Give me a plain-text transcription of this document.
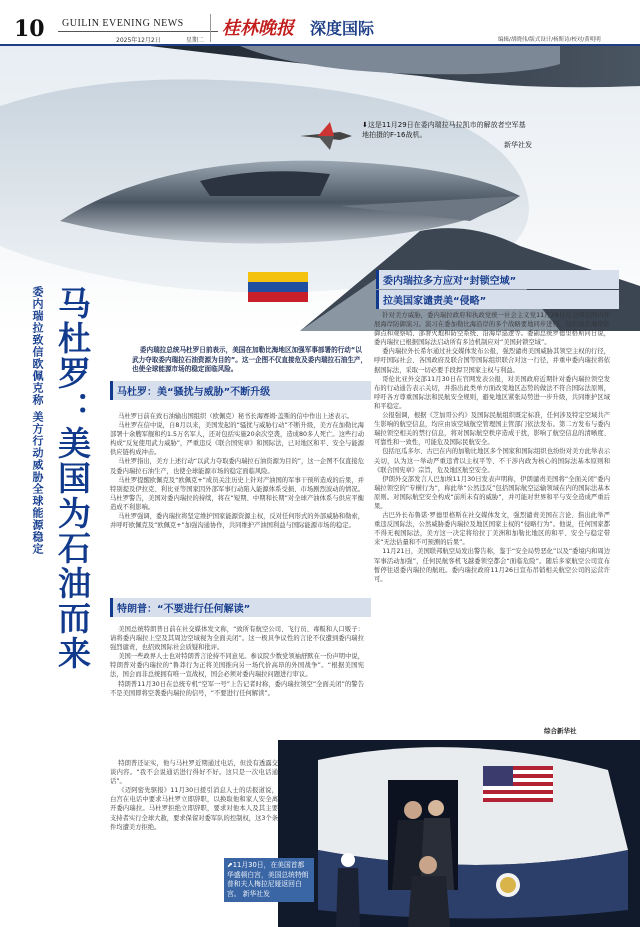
10 GUILIN EVENING NEWS
2025年12月2日	星期二
桂林晚报 深度国际
编辑/胡晓伟/版式设计/杨斯诗/校对/黄明明
⬇这是11月29日在委内瑞拉马拉凯市的解放者空军基地拍摄的F-16战机。
新华社发
马杜罗：美国为石油而来
委内瑞拉致信欧佩克称 美方行动威胁全球能源稳定	委内瑞拉总统马杜罗日前表示，美国在加勒比海地区加强军事部署的行动“以武力夺取委内瑞拉石油资源为目的”。这一企图不仅直接危及委内瑞拉石油生产，也使全球能源市场的稳定面临风险。
马杜罗：美“骚扰与威胁”不断升级

马杜罗日前在致石油输出国组织（欧佩克）秘书长海赛姆·盖斯的信中作出上述表示。

马杜罗在信中说，自8月以来，美国发起的“骚扰与威胁行动”不断升级，美方在加勒比海部署十余艘军舰和约1.5万名军人，还对包括实施20余次空袭，造成80多人死亡。这些行动构成“反复使用武力威胁”，严重违反《联合国宪章》和国际法，已对地区和平、安全与能源供应链构成冲击。

马杜罗指出，美方上述行动“以武力夺取委内瑞拉石油资源为目的”，这一企图不仅直接危及委内瑞拉石油生产，也使全球能源市场的稳定面临风险。

马杜罗提醒欧佩克及“欧佩克+”成员关注历史上针对产油国的军事干预所造成的后果，并特别提及伊拉克、利比亚等国家因外部军事行动陷入能源体系受损、市场剧烈波动的情况。马杜罗警告，美国对委内瑞拉的持续，将在“短期、中期和长期”对全球产油体系与供应平衡造成不利影响。

马杜罗强调，委内瑞拉将坚定维护国家能源资源主权，反对任何形式的外部威胁和勒索，并呼吁欧佩克及“欧佩克+”加强沟通协作，共同维护产油国利益与国际能源市场的稳定。

特朗普：“不要进行任何解读”

美国总统特朗普日前在社交媒体发文称，“致所有航空公司、飞行员、毒贩和人口贩子：请将委内瑞拉上空及其周边空域视为全面关闭”。这一极具争议性的言论不仅遭到委内瑞拉强烈谴责，也招致国际社会质疑和批评。

美国一些政界人士也对特朗普言论持不同意见。参议院少数党领袖舒默在一份声明中说，特朗普对委内瑞拉的“鲁莽行为正将美国推向另一场代价高昂的外国战争”。“根据美国宪法，国会而非总统拥有唯一宣战权，国会必须对委内瑞拉问题进行审议。

特朗普11月30日在总统专机“空军一号”上告记者时称，委内瑞拉领空“全面关闭”的警告不是美国即将空袭委内瑞拉的信号，“不要进行任何解读”。

特朗普还证实，他与马杜罗近期通过电话，但没有透露交谈内容。“我不会说通话进行得好不好。这只是一次电话通话”。

《迈阿密先驱报》11月30日援引消息人士的话报道说，白宫在电话中要求马杜罗立即辞职，以换取他和家人安全离开委内瑞拉。马杜罗拒绝立即辞职，要求对他本人及其主要支持者实行全球大赦，要求保留对委军队的控制权，这3个条件均遭美方拒绝。

委内瑞拉多方应对“封锁空域”
拉美国家谴责美“侵略”

针对美方威胁，委内瑞拉政府和执政党统一社会主义党11月29日在全国范围内开展海岸防御演习。演习在委加勒比海沿岸的多个战略要地同步进行，包括设立海岸防御点和观察哨、部署火炮和防空系统、沿海岸巡逻等。委副总统罗德里格斯同日说，委内瑞拉已根据国际法启动所有多边机制应对“美国封锁空域”。

委内瑞拉外长希尔通过社交媒体发布公报，强烈谴责美国威胁其领空主权的行径，呼吁国际社会、各国政府及联合国等国际组织联合对这一行径，并重申委内瑞拉将依据国际法，采取一切必要手段捍卫国家主权与利益。

哥伦比亚外交部11月30日在官网发表公报，对美国政府近期针对委内瑞拉领空发布的行动通告表示关切，并指出此类单方面改变地区态势的做法不符合国际法原则，呼吁各方尊重国际法和民航安全规则，避免地区紧张局势进一步升级，共同维护区域和平稳定。

公报强调，根据《芝加哥公约》及国际民航组织既定标准，任何涉及特定空域共产生影响的航空信息，均应由该空域航空管理国主管部门依法发布。第二方发布与委内瑞拉领空相关的禁行信息，将对国际航空秩序造成干扰，影响了航空信息的清晰度、可靠性和一致性，可能危及国际民航安全。

包括厄瓜多尔、古巴在内的加勒比地区多个国家和国际组织也纷纷对美方此举表示关切，认为这一举动严重违背以主权平等、不干涉内政为核心的国际法基本原则和《联合国宪章》宗旨，危及地区航空安全。

伊朗外交部发言人巴加埃11月30日发表声明称，伊朗谴责美国将“全面关闭”委内瑞拉领空的“专横行为”，称此举“公然违反”包括国际航空运输领域在内的国际法基本原则。对国际航空安全构成“前所未有的威胁”，并可能对世界和平与安全造成严重后果。

古巴外长布鲁诺·罗德里格斯在社交媒体发文，强烈谴责美国在言论、指出此举严重违反国际法，公然威胁委内瑞拉及地区国家主权的“侵略行为”。他说，任何国家都不得无视国际法，美方这一决定将给拉丁美洲和加勒比地区的和平、安全与稳定带来“无法估量和不可预测的后果”。

11月21日，美国联邦航空局发出警告称，鉴于“安全局势恶化”以及“委境内和周边军事活动加强”，任何民航客机飞越委领空都会“面临危险”。随后多家航空公司宣布暂停往返委内瑞拉的航班。委内瑞拉政府11月26日宣布吊销相关航空公司的运营许可。

综合新华社
⬈11月30日，在美国首都华盛顿白宫，美国总统特朗普和夫人梅拉尼娅返回白宫。 新华社发
